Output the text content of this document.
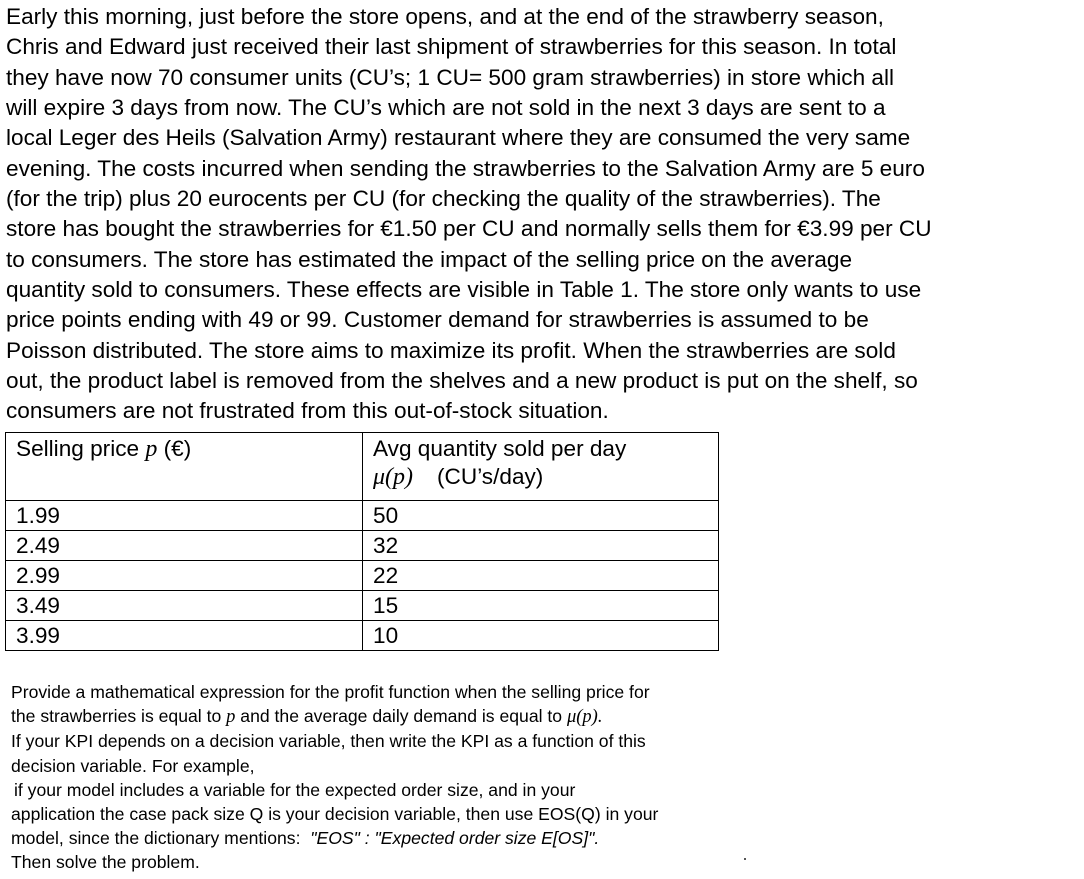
Early this morning, just before the store opens, and at the end of the strawberry season,
Chris and Edward just received their last shipment of strawberries for this season. In total
they have now 70 consumer units (CU’s; 1 CU= 500 gram strawberries) in store which all
will expire 3 days from now. The CU’s which are not sold in the next 3 days are sent to a
local Leger des Heils (Salvation Army) restaurant where they are consumed the very same
evening. The costs incurred when sending the strawberries to the Salvation Army are 5 euro
(for the trip) plus 20 eurocents per CU (for checking the quality of the strawberries). The
store has bought the strawberries for €1.50 per CU and normally sells them for €3.99 per CU
to consumers. The store has estimated the impact of the selling price on the average
quantity sold to consumers. These effects are visible in Table 1. The store only wants to use
price points ending with 49 or 99. Customer demand for strawberries is assumed to be
Poisson distributed. The store aims to maximize its profit. When the strawberries are sold
out, the product label is removed from the shelves and a new product is put on the shelf, so
consumers are not frustrated from this out-of-stock situation.
Selling price p (€)	Avg quantity sold per day
μ(p) (CU’s/day)

1.99	50
2.49	32
2.99	22
3.49	15
3.99	10
Provide a mathematical expression for the profit function when the selling price for
the strawberries is equal to p and the average daily demand is equal to μ(p).
If your KPI depends on a decision variable, then write the KPI as a function of this
decision variable. For example,
if your model includes a variable for the expected order size, and in your
application the case pack size Q is your decision variable, then use EOS(Q) in your
model, since the dictionary mentions: "EOS" : "Expected order size E[OS]".
Then solve the problem.
